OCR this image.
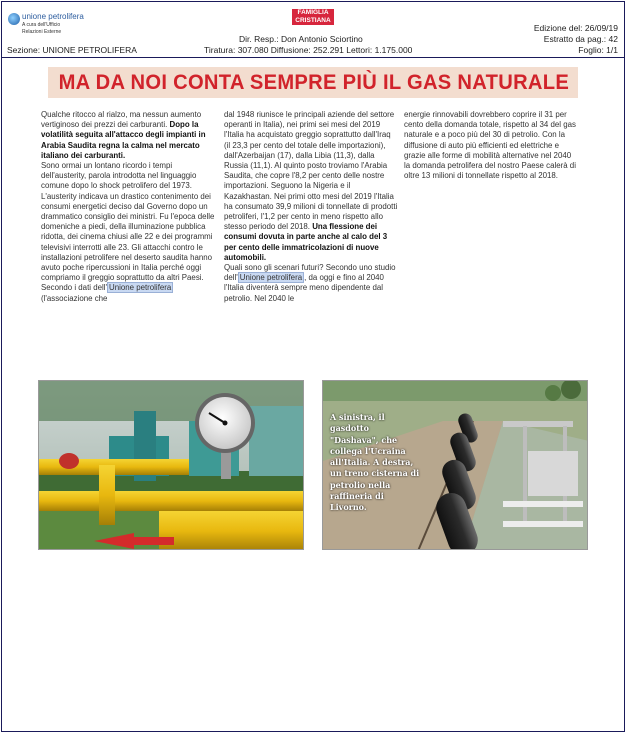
unione petrolifera
A cura dell'Ufficio
Relazioni Esterne
FAMIGLIA
CRISTIANA
Dir. Resp.: Don Antonio Sciortino
Tiratura: 307.080 Diffusione: 252.291 Lettori: 1.175.000
Edizione del: 26/09/19
Estratto da pag.: 42
Foglio: 1/1
Sezione: UNIONE PETROLIFERA
MA DA NOI CONTA SEMPRE PIÙ IL GAS NATURALE

Qualche ritocco al rialzo, ma nessun aumento vertiginoso dei prezzi dei carburanti. Dopo la volatilità seguita all'attacco degli impianti in Arabia Saudita regna la calma nel mercato italiano dei carburanti.

Sono ormai un lontano ricordo i tempi dell'austerity, parola introdotta nel linguaggio comune dopo lo shock petrolifero del 1973. L'austerity indicava un drastico contenimento dei consumi energetici deciso dal Governo dopo un drammatico consiglio dei ministri. Fu l'epoca delle domeniche a piedi, della illuminazione pubblica ridotta, dei cinema chiusi alle 22 e dei programmi televisivi interrotti alle 23. Gli attacchi contro le installazioni petrolifere nel deserto saudita hanno avuto poche ripercussioni in Italia perché oggi compriamo il greggio soprattutto da altri Paesi. Secondo i dati dell' Unione petrolifera (l'associazione che

dal 1948 riunisce le principali aziende del settore operanti in Italia), nei primi sei mesi del 2019 l'Italia ha acquistato greggio soprattutto dall'Iraq (il 23,3 per cento del totale delle importazioni), dall'Azerbaijan (17), dalla Libia (11,3), dalla Russia (11,1). Al quinto posto troviamo l'Arabia Saudita, che copre l'8,2 per cento delle nostre importazioni. Seguono la Nigeria e il Kazakhastan. Nei primi otto mesi del 2019 l'Italia ha consumato 39,9 milioni di tonnellate di prodotti petroliferi, l'1,2 per cento in meno rispetto allo stesso periodo del 2018. Una flessione dei consumi dovuta in parte anche al calo del 3 per cento delle immatricolazioni di nuove automobili.

Quali sono gli scenari futuri? Secondo uno studio dell' Unione petrolifera , da oggi e fino al 2040 l'Italia diventerà sempre meno dipendente dal petrolio. Nel 2040 le

energie rinnovabili dovrebbero coprire il 31 per cento della domanda totale, rispetto al 34 del gas naturale e a poco più del 30 di petrolio. Con la diffusione di auto più efficienti ed elettriche e grazie alle forme di mobilità alternative nel 2040 la domanda petrolifera del nostro Paese calerà di oltre 13 milioni di tonnellate rispetto al 2018.

A sinistra, il gasdotto "Dashava", che collega l'Ucraina all'Italia. A destra, un treno cisterna di petrolio nella raffineria di Livorno.
